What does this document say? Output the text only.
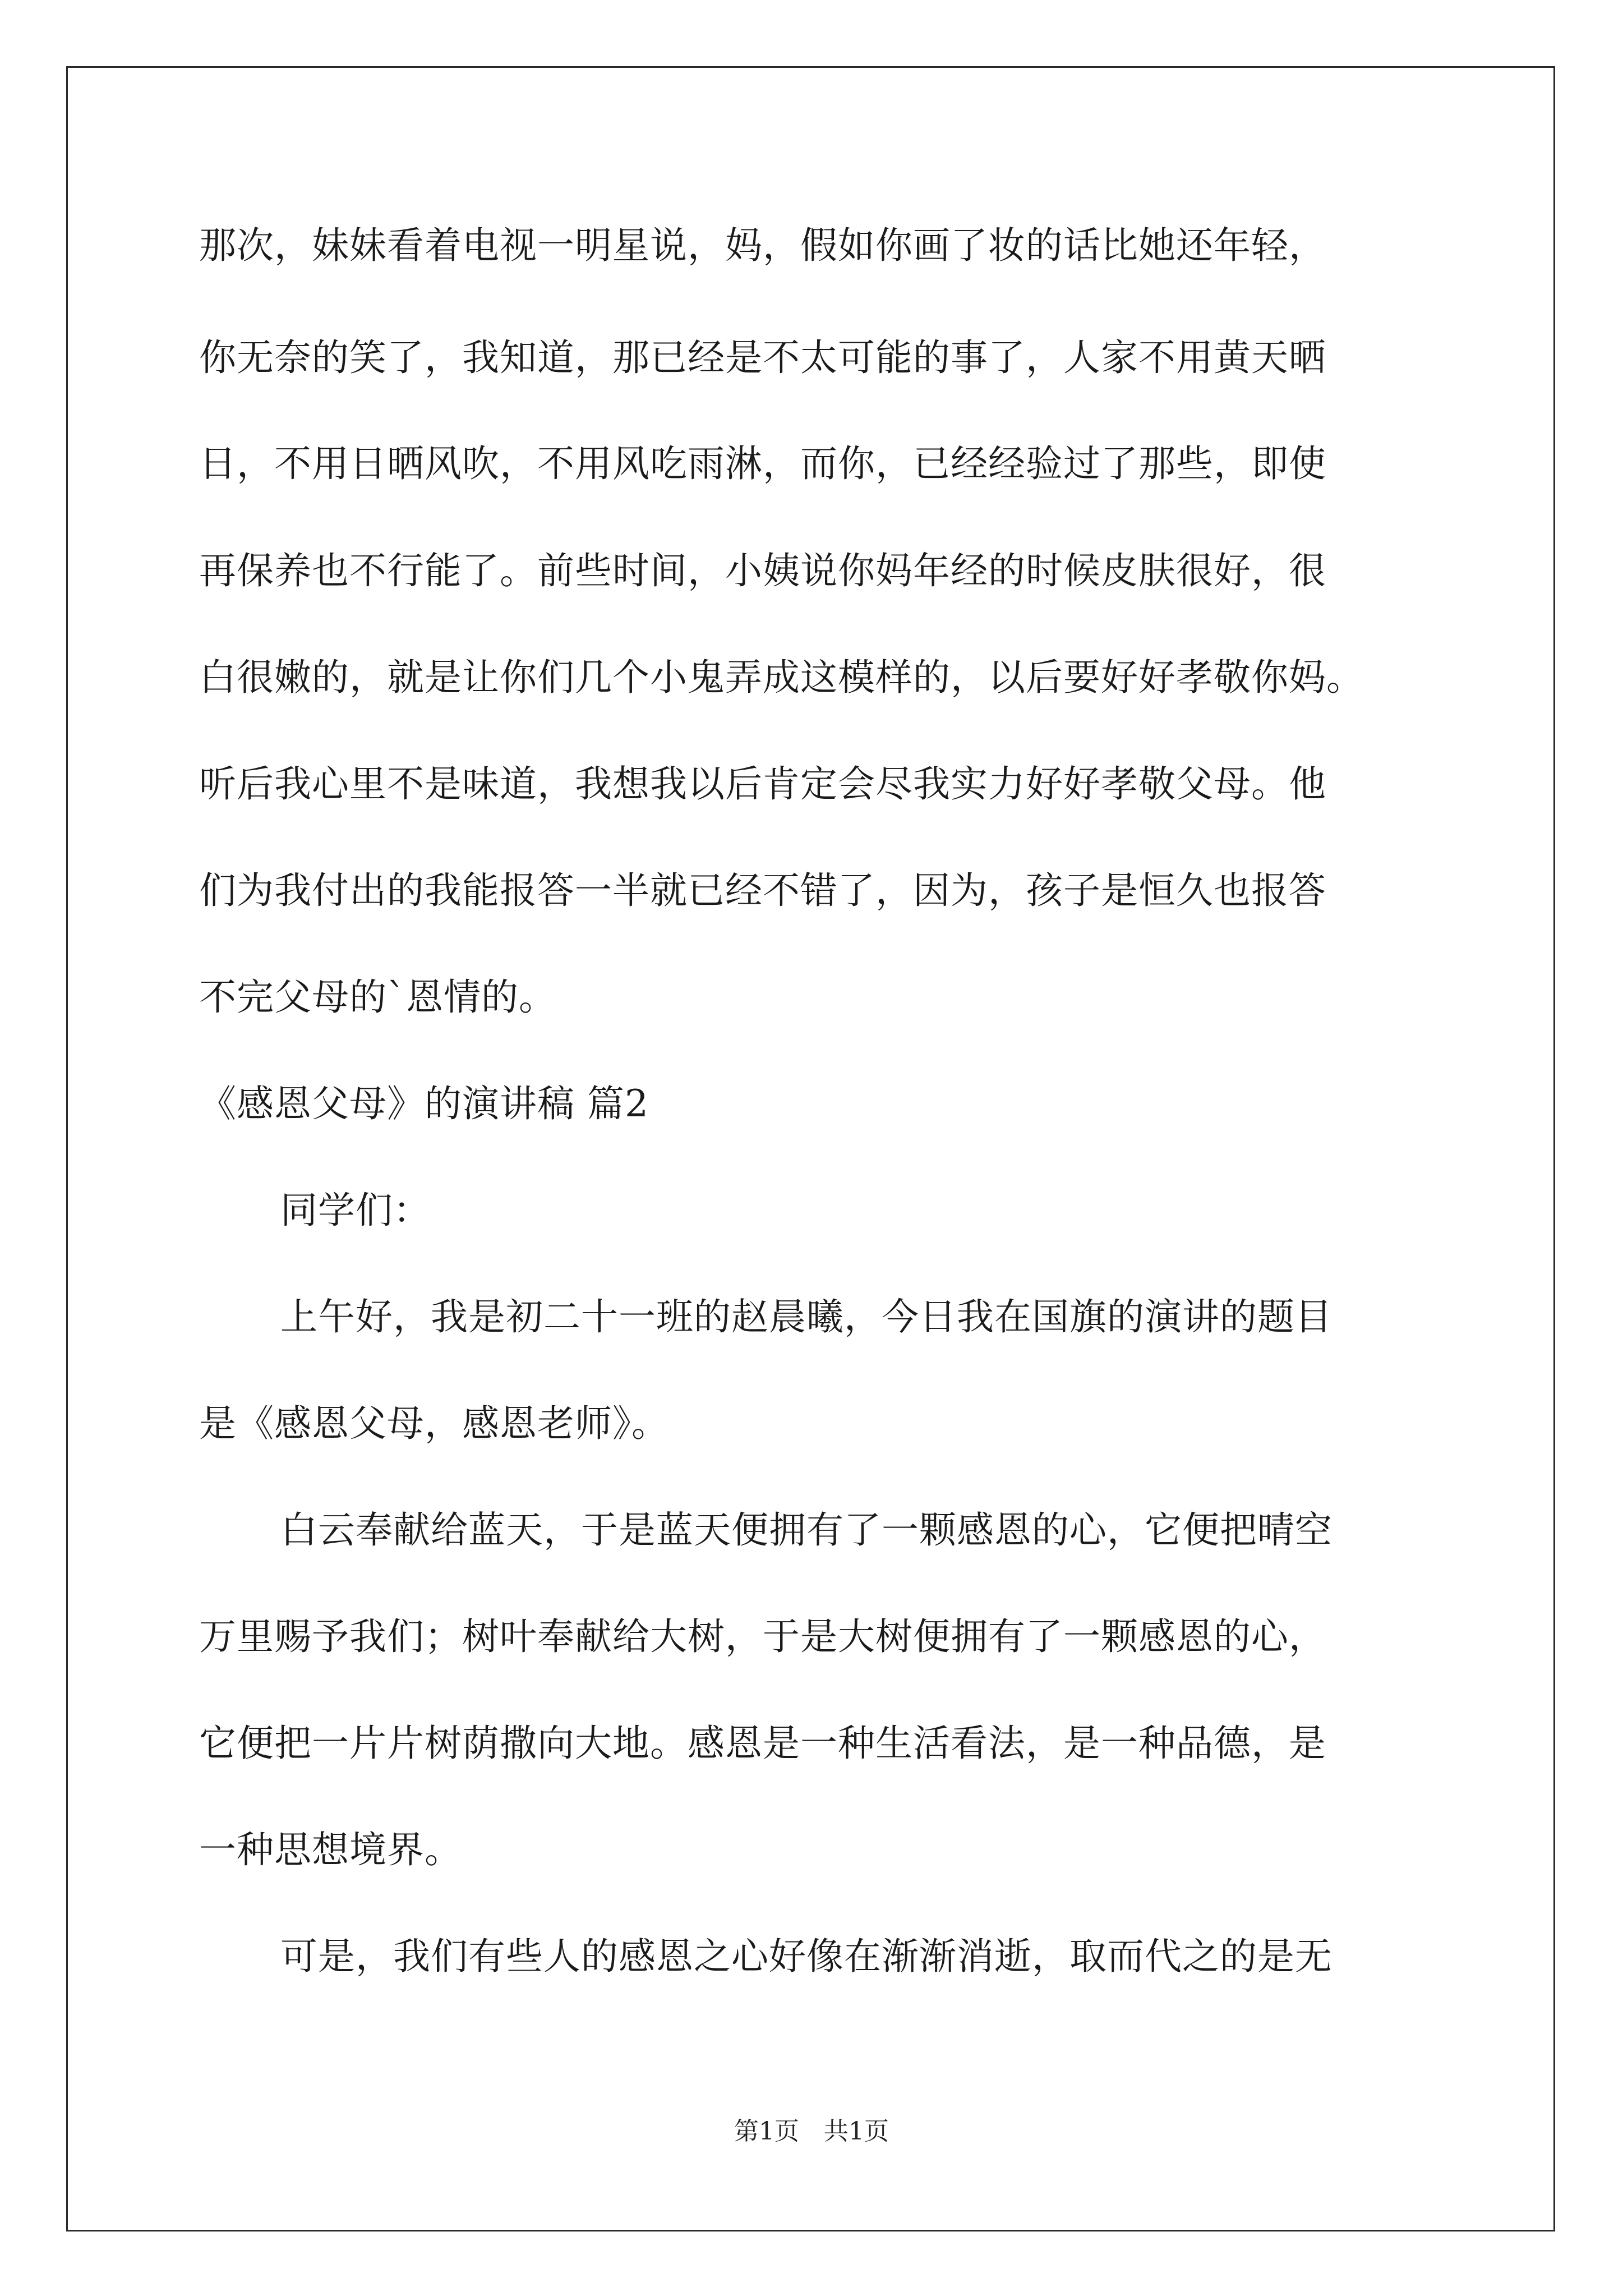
那次，妹妹看着电视一明星说，妈，假如你画了妆的话比她还年轻，
你无奈的笑了，我知道，那已经是不太可能的事了，人家不用黄天晒
日，不用日晒风吹，不用风吃雨淋，而你，已经经验过了那些，即使
再保养也不行能了。前些时间，小姨说你妈年经的时候皮肤很好，很
白很嫩的，就是让你们几个小鬼弄成这模样的，以后要好好孝敬你妈。
听后我心里不是味道，我想我以后肯定会尽我实力好好孝敬父母。他
们为我付出的我能报答一半就已经不错了，因为，孩子是恒久也报答
不完父母的`恩情的。
《感恩父母》的演讲稿 篇2
同学们：
上午好，我是初二十一班的赵晨曦，今日我在国旗的演讲的题目
是《感恩父母，感恩老师》。
白云奉献给蓝天，于是蓝天便拥有了一颗感恩的心，它便把晴空
万里赐予我们；树叶奉献给大树，于是大树便拥有了一颗感恩的心，
它便把一片片树荫撒向大地。感恩是一种生活看法，是一种品德，是
一种思想境界。
可是，我们有些人的感恩之心好像在渐渐消逝，取而代之的是无
第1页　共1页
